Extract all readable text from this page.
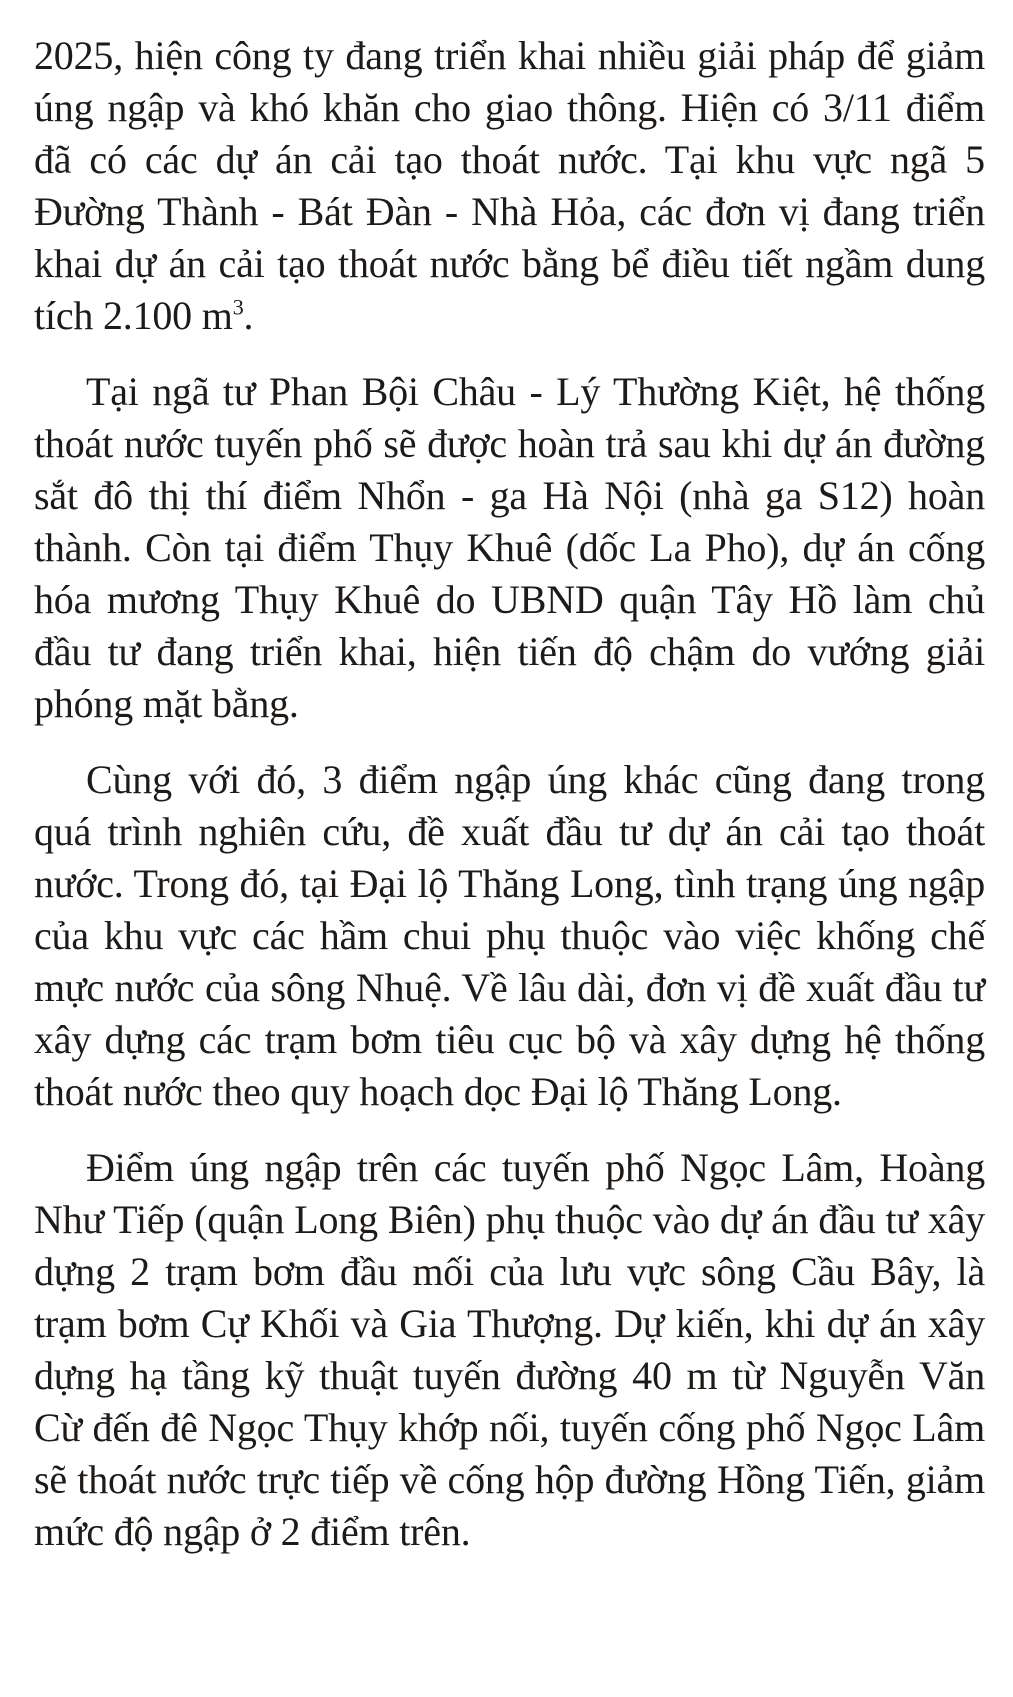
2025, hiện công ty đang triển khai nhiều giải pháp để giảm úng ngập và khó khăn cho giao thông. Hiện có 3/11 điểm đã có các dự án cải tạo thoát nước. Tại khu vực ngã 5 Đường Thành - Bát Đàn - Nhà Hỏa, các đơn vị đang triển khai dự án cải tạo thoát nước bằng bể điều tiết ngầm dung tích 2.100 $m^3$.

Tại ngã tư Phan Bội Châu - Lý Thường Kiệt, hệ thống thoát nước tuyến phố sẽ được hoàn trả sau khi dự án đường sắt đô thị thí điểm Nhổn - ga Hà Nội (nhà ga S12) hoàn thành. Còn tại điểm Thụy Khuê (dốc La Pho), dự án cống hóa mương Thụy Khuê do UBND quận Tây Hồ làm chủ đầu tư đang triển khai, hiện tiến độ chậm do vướng giải phóng mặt bằng.

Cùng với đó, 3 điểm ngập úng khác cũng đang trong quá trình nghiên cứu, đề xuất đầu tư dự án cải tạo thoát nước. Trong đó, tại Đại lộ Thăng Long, tình trạng úng ngập của khu vực các hầm chui phụ thuộc vào việc khống chế mực nước của sông Nhuệ. Về lâu dài, đơn vị đề xuất đầu tư xây dựng các trạm bơm tiêu cục bộ và xây dựng hệ thống thoát nước theo quy hoạch dọc Đại lộ Thăng Long.

Điểm úng ngập trên các tuyến phố Ngọc Lâm, Hoàng Như Tiếp (quận Long Biên) phụ thuộc vào dự án đầu tư xây dựng 2 trạm bơm đầu mối của lưu vực sông Cầu Bây, là trạm bơm Cự Khối và Gia Thượng. Dự kiến, khi dự án xây dựng hạ tầng kỹ thuật tuyến đường 40 m từ Nguyễn Văn Cừ đến đê Ngọc Thụy khớp nối, tuyến cống phố Ngọc Lâm sẽ thoát nước trực tiếp về cống hộp đường Hồng Tiến, giảm mức độ ngập ở 2 điểm trên.
